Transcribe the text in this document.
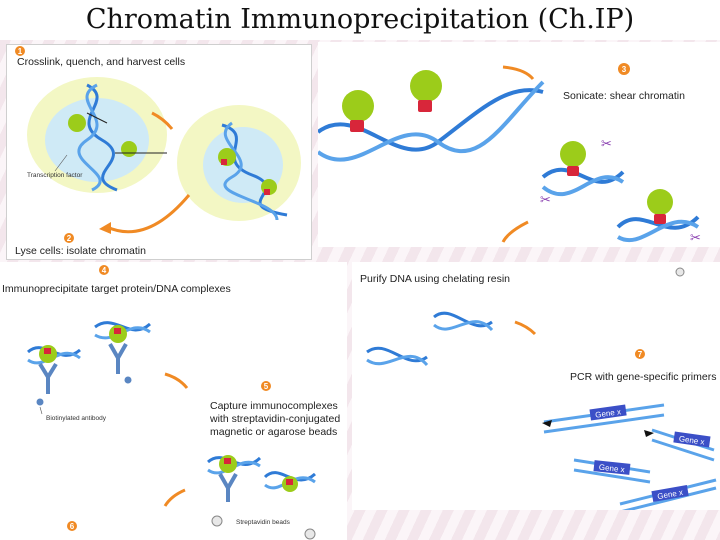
Chromatin Immunoprecipitation (Ch.IP)
1
Crosslink, quench, and harvest cells
Transcription factor
2
Lyse cells: isolate chromatin
3
Sonicate: shear chromatin
✂
✂
✂
4
Immunoprecipitate target protein/DNA complexes
Biotinylated antibody
5
Capture immunocomplexes
with streptavidin-conjugated
magnetic or agarose beads
Streptavidin beads
6
Purify DNA using chelating resin
7
PCR with gene-specific primers
Gene x
Gene x
Gene x
Gene x
